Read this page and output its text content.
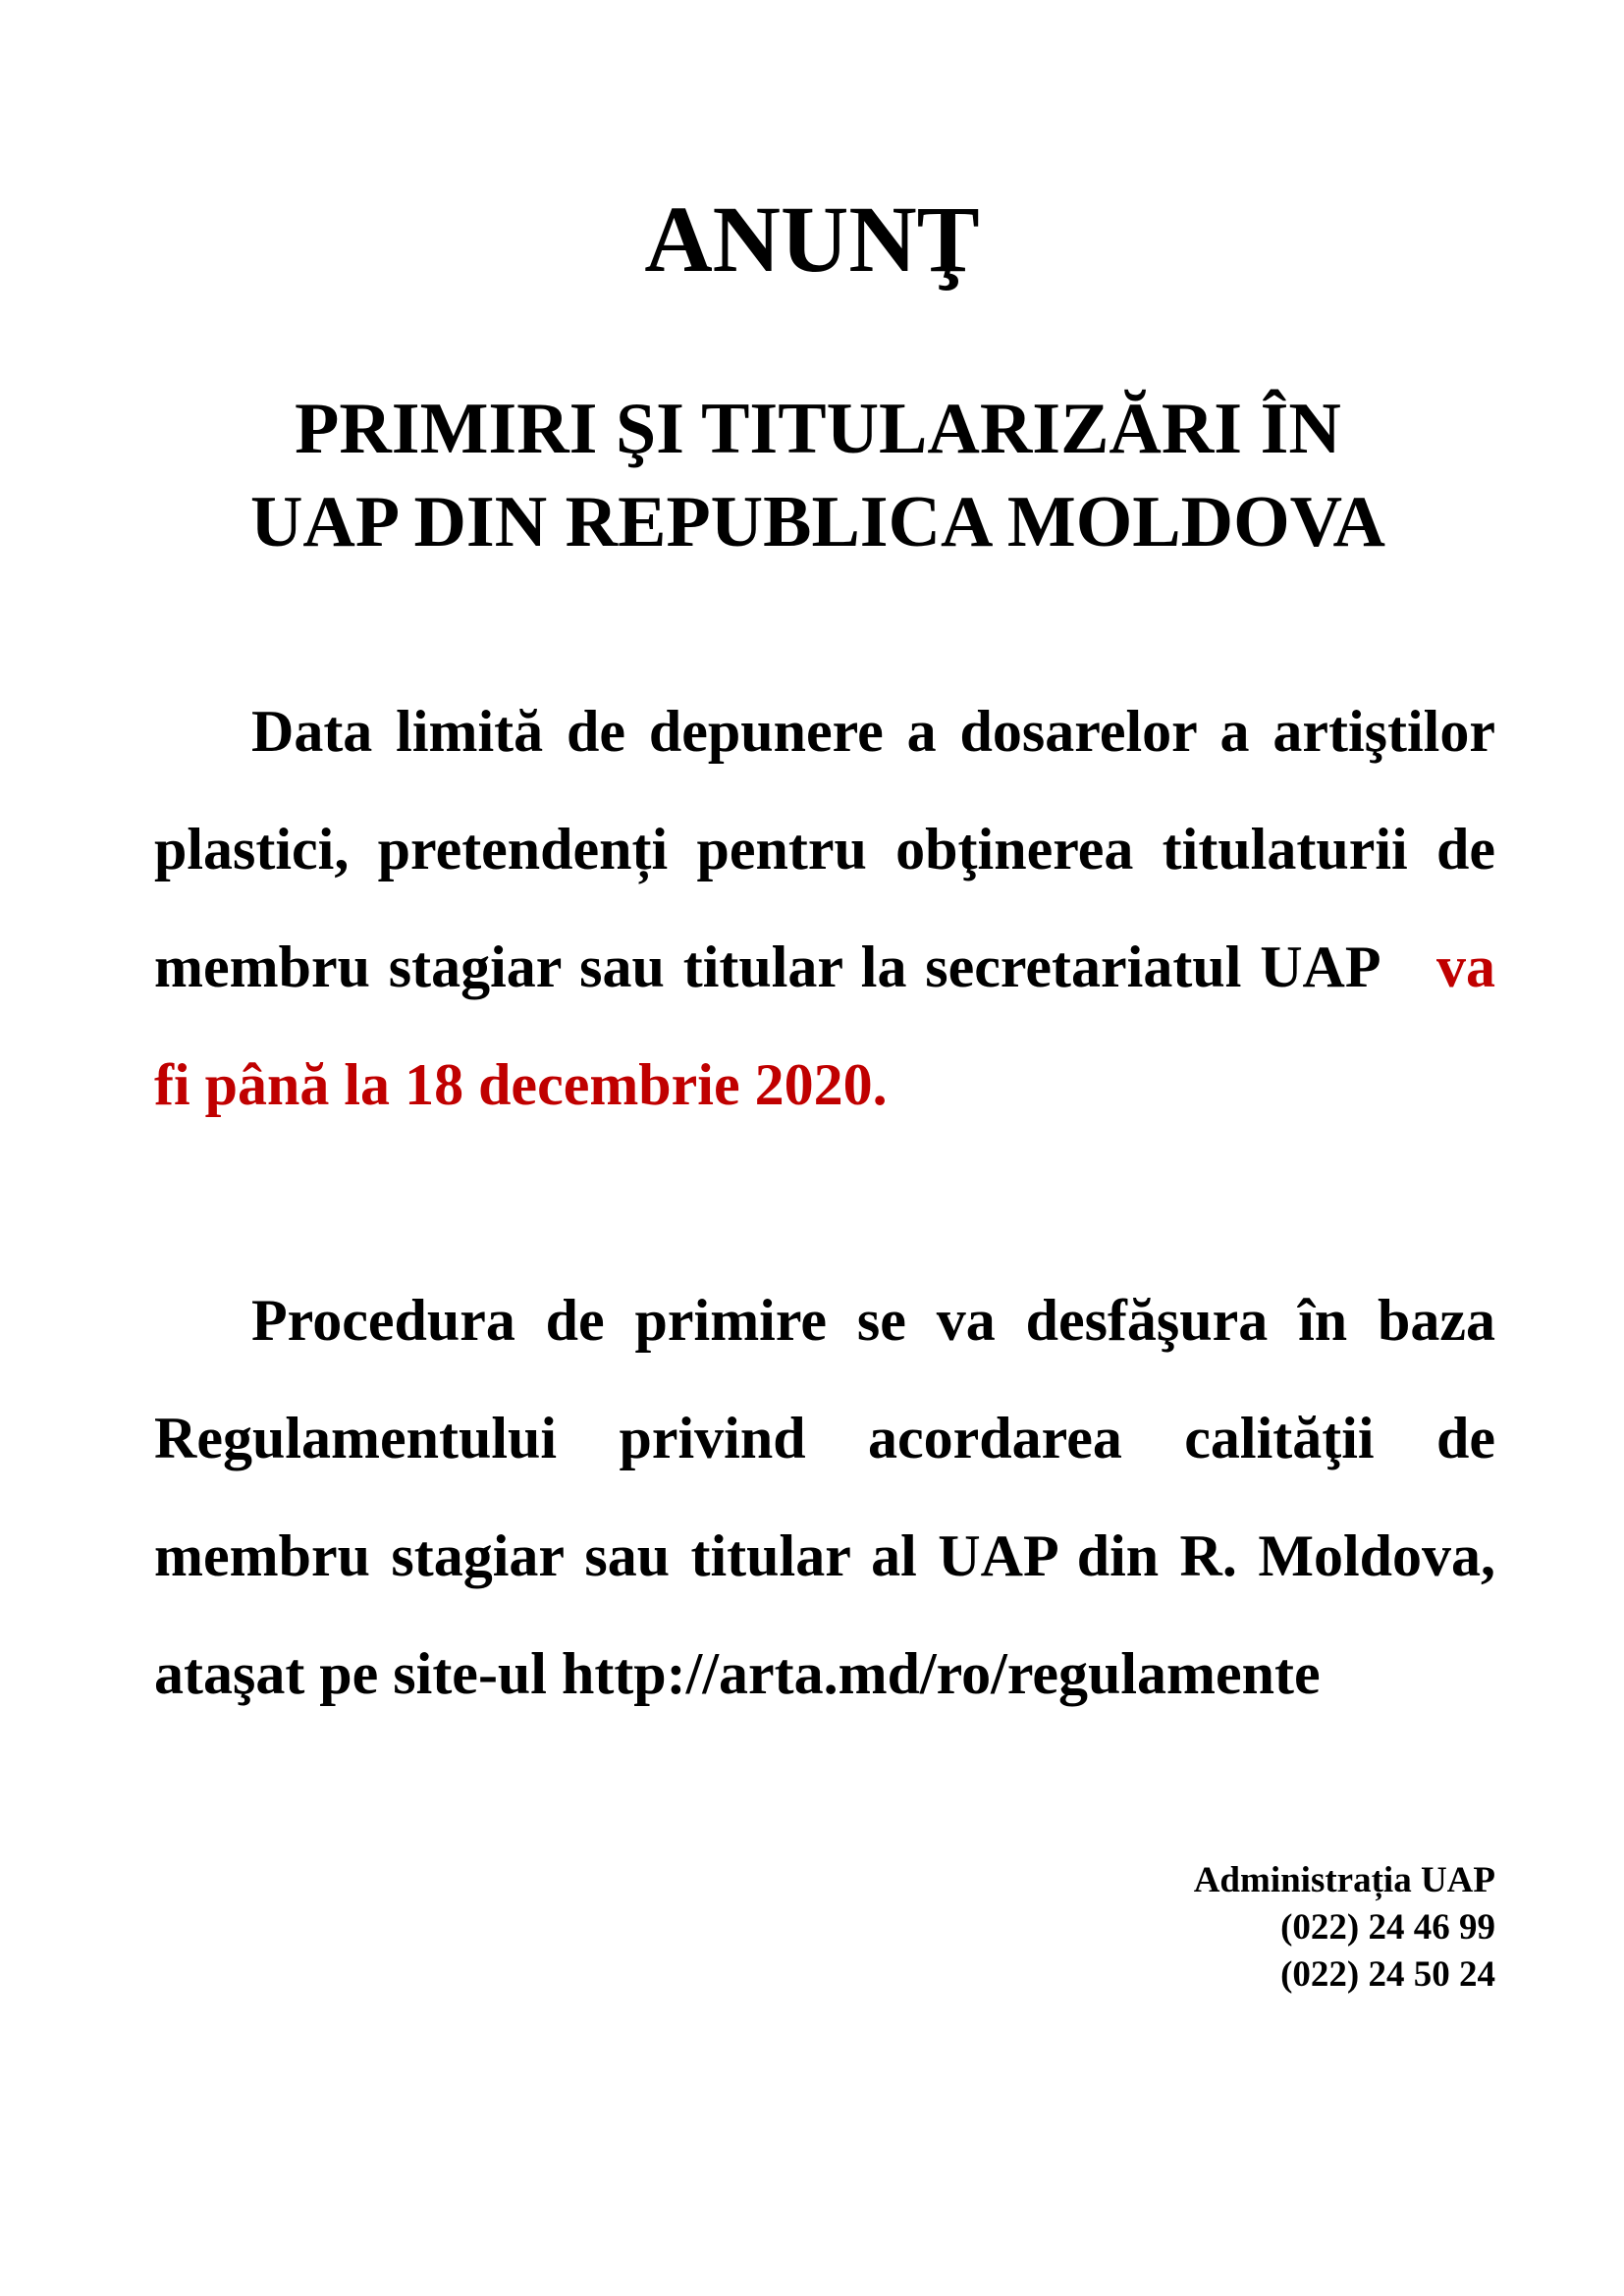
ANUNŢ
PRIMIRI ŞI TITULARIZĂRI ÎN
UAP DIN REPUBLICA MOLDOVA

Data limită de depunere a dosarelor a artiştilor plastici, pretendenți pentru obţinerea titulaturii de membru stagiar sau titular la secretariatul UAP va fi până la 18 decembrie 2020.

Procedura de primire se va desfăşura în baza Regulamentului privind acordarea calităţii de membru stagiar sau titular al UAP din R. Moldova, ataşat pe site-ul http://arta.md/ro/regulamente

Administrația UAP
(022) 24 46 99
(022) 24 50 24
